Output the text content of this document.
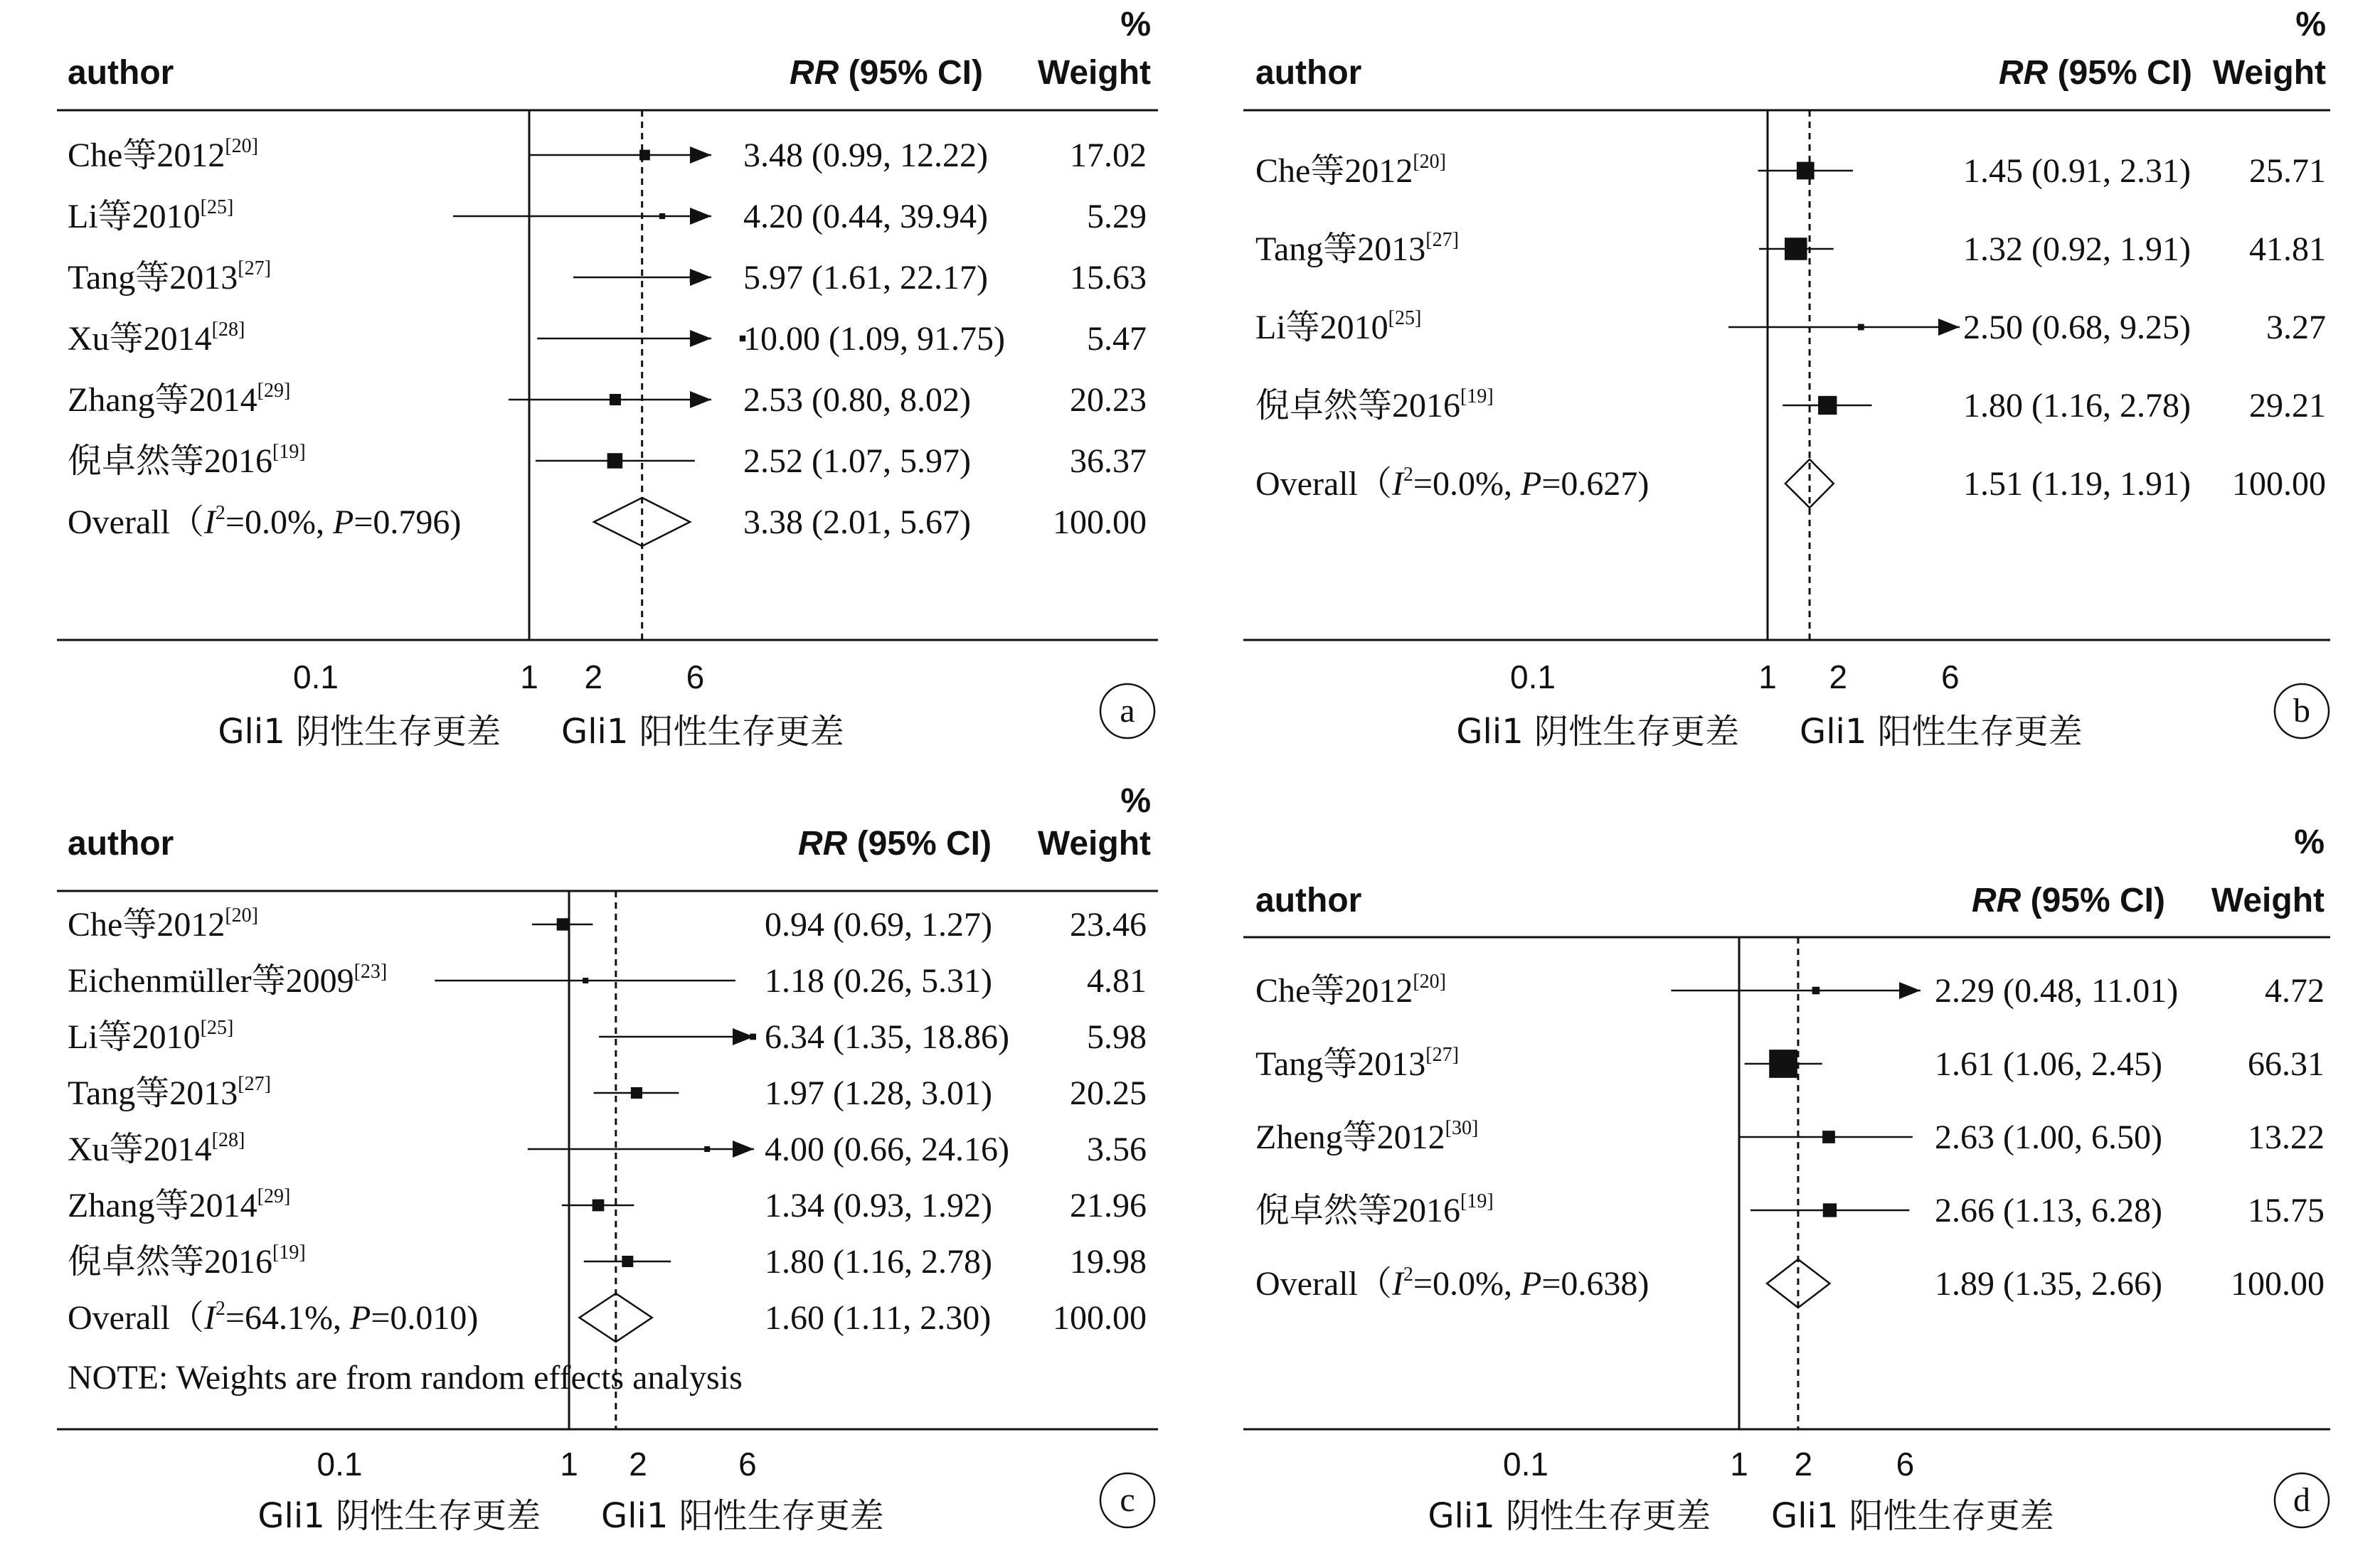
%
author	RR (95% CI) Weight
Che等2012[20]	3.48 (0.99, 12.22) 17.02
Li等2010[25]	4.20 (0.44, 39.94)	5.29
Tang等2013[27]	5.97 (1.61, 22.17) 15.63
Xu等2014[28]	10.00 (1.09, 91.75) 5.47
Zhang等2014[29]	2.53 (0.80, 8.02)	20.23
倪卓然等2016[19]	2.52 (1.07, 5.97)	36.37
$Overall(I^2=0.0\%$, P=0.796)	3.38 (2.01, 5.67) 100.00
0.1	1 2	6
Gli1 阴性生存更差 Gli1 阳性生存更差
a
%
author	RR (95% CI) Weight
Che等2012[20]	1.45 (0.91, 2.31) 25.71
Tang等2013[27]	1.32 (0.92, 1.91) 41.81
Li等2010[25]	2.50 (0.68, 9.25) 3.27
倪卓然等2016[19]	1.80 (1.16, 2.78) 29.21
$Overall(I^2=0.0\%$, P=0.627)	1.51 (1.19, 1.91) 100.00
0.1	1 2	6
Gli1 阴性生存更差 Gli1 阳性生存更差
b
%
author	RR (95% CI) Weight
Che等2012[20]	0.94 (0.69, 1.27) 23.46
Eichenmüller等2009[23]	1.18 (0.26, 5.31)	4.81
Li等2010[25]	6.34 (1.35, 18.86) 5.98
Tang等2013[27]	1.97 (1.28, 3.01) 20.25
Xu等2014[28]	4.00 (0.66, 24.16) 3.56
Zhang等2014[29]	1.34 (0.93, 1.92) 21.96
倪卓然等2016[19]	1.80 (1.16, 2.78) 19.98
$Overall(I^2=64.1\%$, P=0.010)	1.60 (1.11, 2.30) 100.00
NOTE: Weights are from random effects analysis
0.1	1 2	6
Gli1 阴性生存更差 Gli1 阳性生存更差	c
%
author	RR (95% CI) Weight
Che等2012[20]	2.29 (0.48, 11.01)	4.72
Tang等2013[27]	1.61 (1.06, 2.45)	66.31
Zheng等2012[30]	2.63 (1.00, 6.50)	13.22
倪卓然等2016[19]	2.66 (1.13, 6.28)	15.75
$Overall(I^2=0.0\%$, P=0.638)	1.89 (1.35, 2.66) 100.00
0.1	1 2	6
Gli1 阴性生存更差 Gli1 阳性生存更差	d
